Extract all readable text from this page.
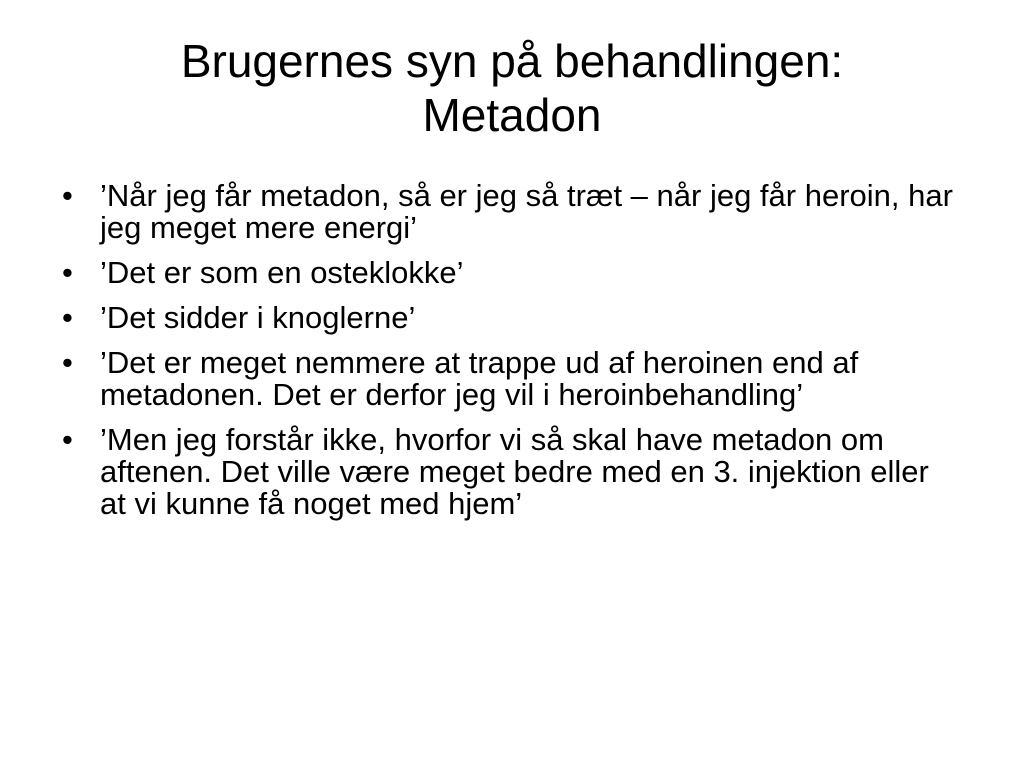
Brugernes syn på behandlingen:
Metadon
• ’Når jeg får metadon, så er jeg så træt – når jeg får heroin, har jeg meget mere energi’
• ’Det er som en osteklokke’
• ’Det sidder i knoglerne’
• ’Det er meget nemmere at trappe ud af heroinen end af metadonen. Det er derfor jeg vil i heroinbehandling’
• ’Men jeg forstår ikke, hvorfor vi så skal have metadon om aftenen. Det ville være meget bedre med en 3. injektion eller at vi kunne få noget med hjem’
